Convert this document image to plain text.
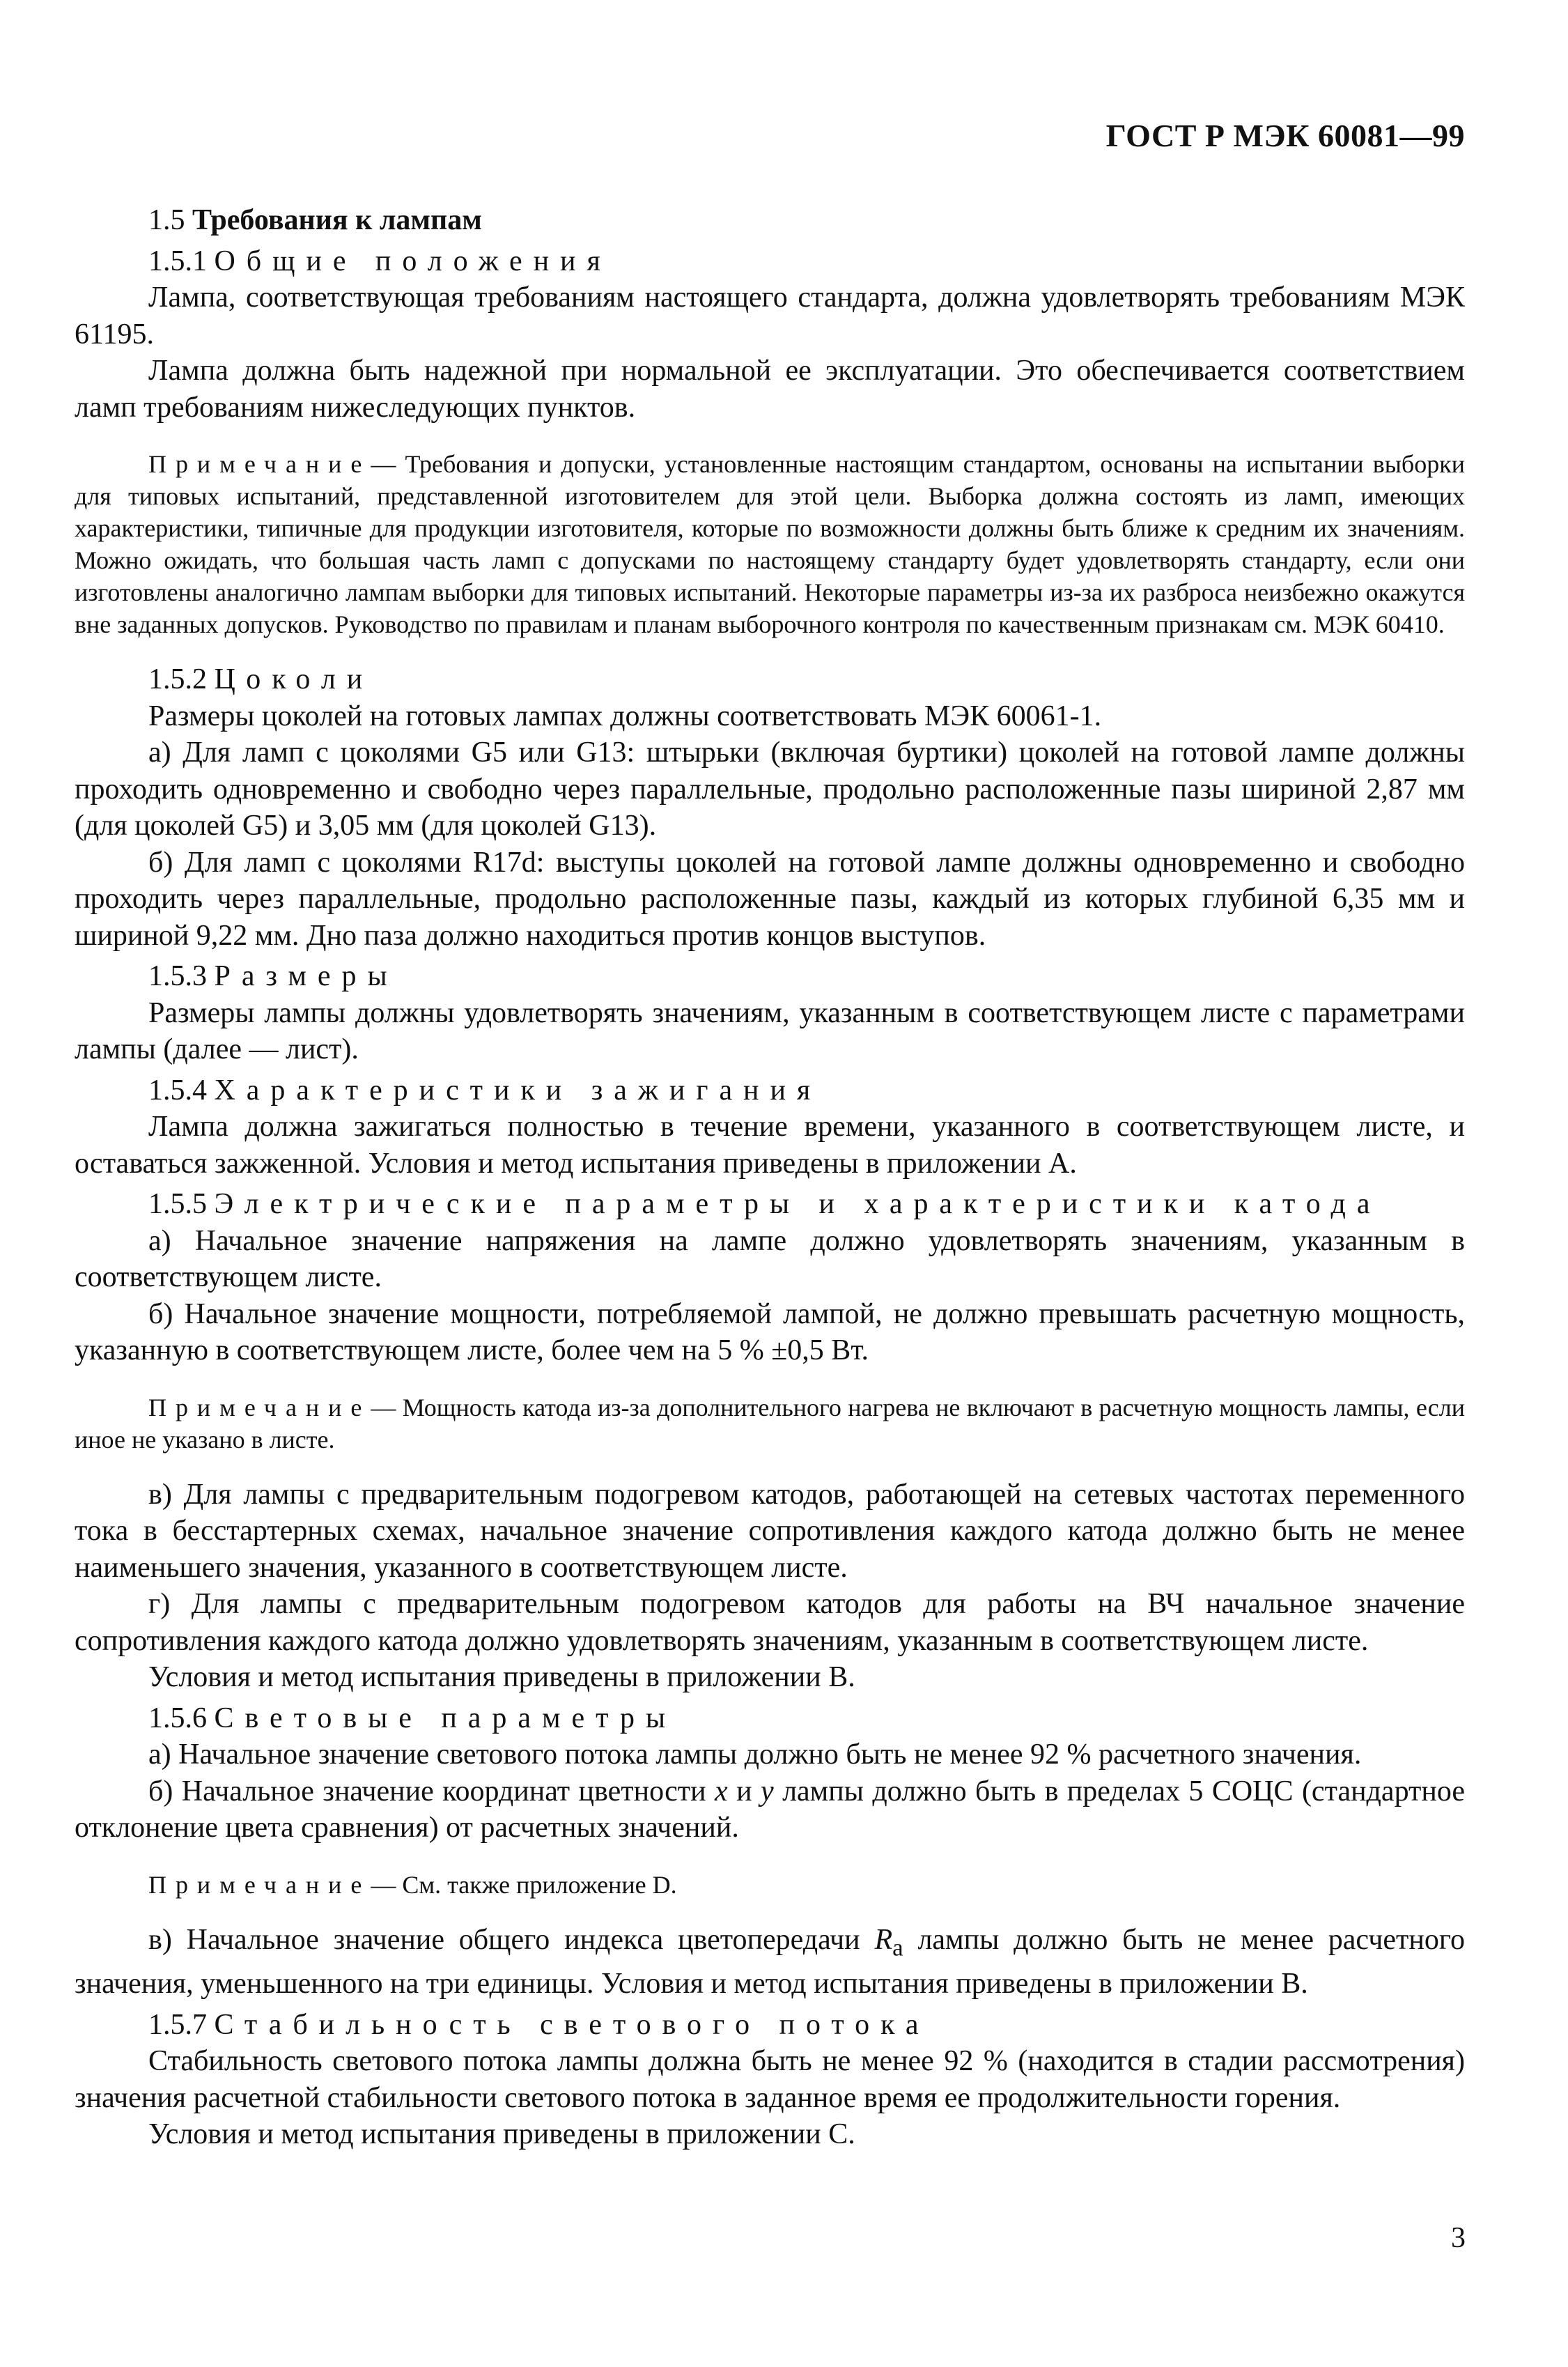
ГОСТ Р МЭК 60081—99

1.5 Требования к лампам

1.5.1 Общие положения

Лампа, соответствующая требованиям настоящего стандарта, должна удовлетворять требованиям МЭК 61195.

Лампа должна быть надежной при нормальной ее эксплуатации. Это обеспечивается соответствием ламп требованиям нижеследующих пунктов.

Примечание— Требования и допуски, установленные настоящим стандартом, основаны на испытании выборки для типовых испытаний, представленной изготовителем для этой цели. Выборка должна состоять из ламп, имеющих характеристики, типичные для продукции изготовителя, которые по возможности должны быть ближе к средним их значениям. Можно ожидать, что большая часть ламп с допусками по настоящему стандарту будет удовлетворять стандарту, если они изготовлены аналогично лампам выборки для типовых испытаний. Некоторые параметры из-за их разброса неизбежно окажутся вне заданных допусков. Руководство по правилам и планам выборочного контроля по качественным признакам см. МЭК 60410.

1.5.2 Цоколи

Размеры цоколей на готовых лампах должны соответствовать МЭК 60061-1.

а) Для ламп с цоколями G5 или G13: штырьки (включая буртики) цоколей на готовой лампе должны проходить одновременно и свободно через параллельные, продольно расположенные пазы шириной 2,87 мм (для цоколей G5) и 3,05 мм (для цоколей G13).

б) Для ламп с цоколями R17d: выступы цоколей на готовой лампе должны одновременно и свободно проходить через параллельные, продольно расположенные пазы, каждый из которых глубиной 6,35 мм и шириной 9,22 мм. Дно паза должно находиться против концов выступов.

1.5.3 Размеры

Размеры лампы должны удовлетворять значениям, указанным в соответствующем листе с параметрами лампы (далее — лист).

1.5.4 Характеристики зажигания

Лампа должна зажигаться полностью в течение времени, указанного в соответствующем листе, и оставаться зажженной. Условия и метод испытания приведены в приложении А.

1.5.5 Электрические параметры и характеристики катода

а) Начальное значение напряжения на лампе должно удовлетворять значениям, указанным в соответствующем листе.

б) Начальное значение мощности, потребляемой лампой, не должно превышать расчетную мощность, указанную в соответствующем листе, более чем на 5 % ±0,5 Вт.

Примечание— Мощность катода из-за дополнительного нагрева не включают в расчетную мощность лампы, если иное не указано в листе.

в) Для лампы с предварительным подогревом катодов, работающей на сетевых частотах переменного тока в бесстартерных схемах, начальное значение сопротивления каждого катода должно быть не менее наименьшего значения, указанного в соответствующем листе.

г) Для лампы с предварительным подогревом катодов для работы на ВЧ начальное значение сопротивления каждого катода должно удовлетворять значениям, указанным в соответствующем листе.

Условия и метод испытания приведены в приложении В.

1.5.6 Световые параметры

а) Начальное значение светового потока лампы должно быть не менее 92 % расчетного значения.

б) Начальное значение координат цветности x и y лампы должно быть в пределах 5 СОЦС (стандартное отклонение цвета сравнения) от расчетных значений.

Примечание— См. также приложение D.

в) Начальное значение общего индекса цветопередачи $R_a$ лампы должно быть не менее расчетного значения, уменьшенного на три единицы. Условия и метод испытания приведены в приложении В.

1.5.7 Стабильность светового потока

Стабильность светового потока лампы должна быть не менее 92 % (находится в стадии рассмотрения) значения расчетной стабильности светового потока в заданное время ее продолжительности горения.

Условия и метод испытания приведены в приложении С.

3
